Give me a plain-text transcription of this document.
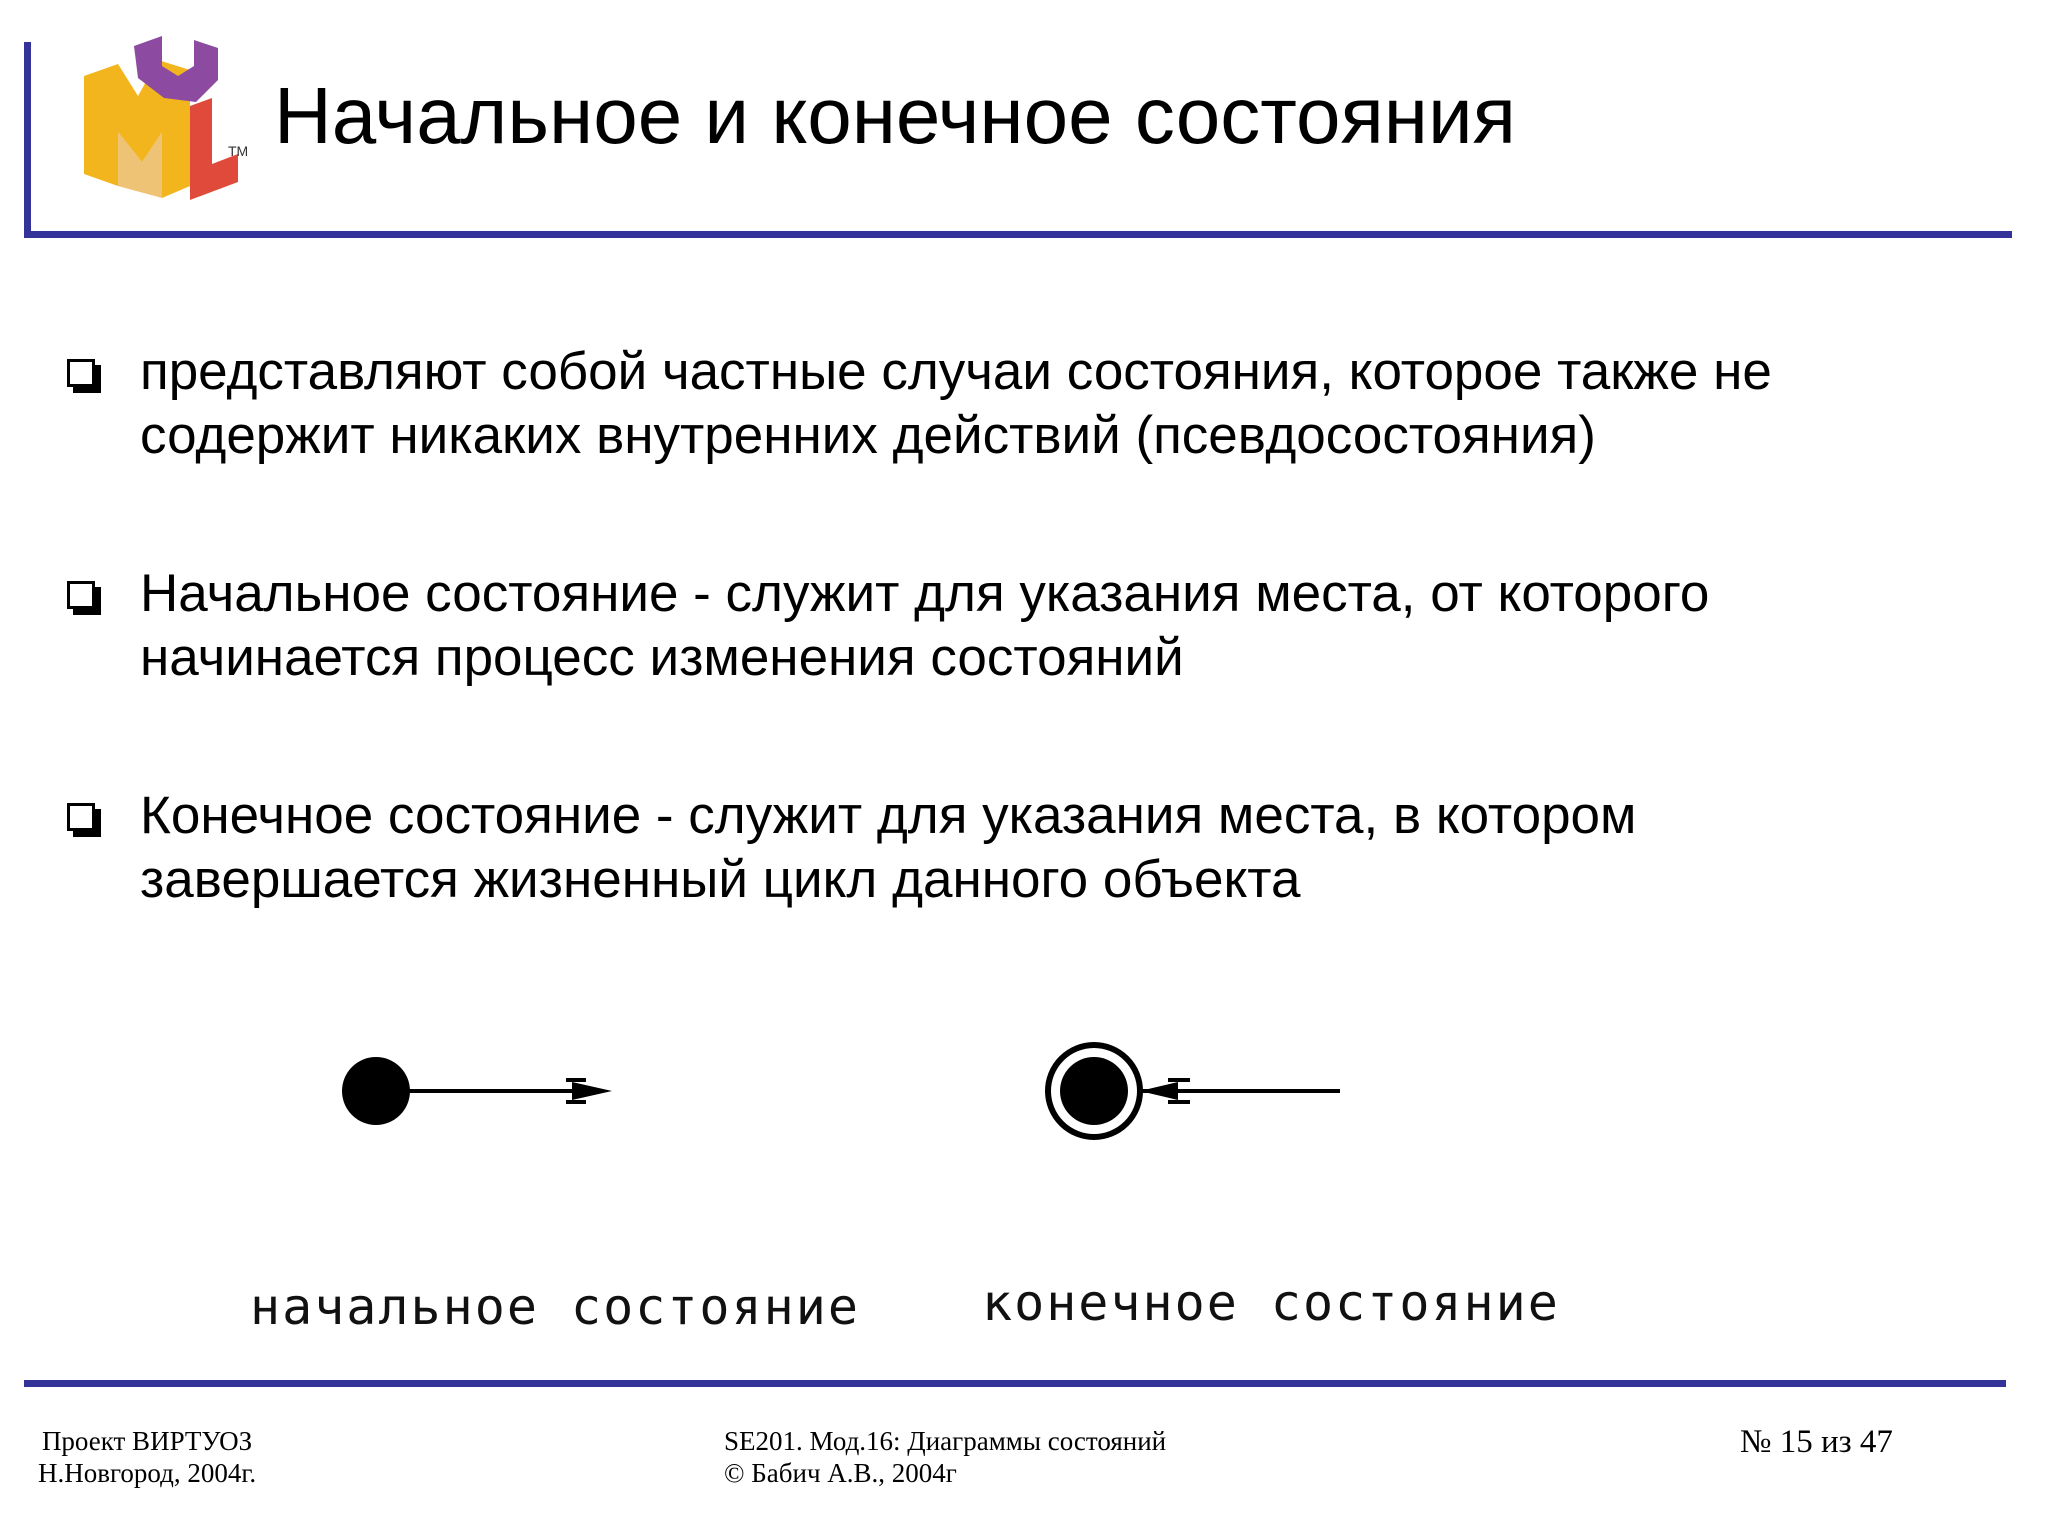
TM Начальное и конечное состояния
представляют собой частные случаи состояния, которое также не
содержит никаких внутренних действий (псевдосостояния)
Начальное состояние - служит для указания места, от которого
начинается процесс изменения состояний
Конечное состояние - служит для указания места, в котором
завершается жизненный цикл данного объекта
начальное состояние конечное состояние
Проект ВИРТУОЗ
Н.Новгород, 2004г.
SE201. Мод.16: Диаграммы состояний
© Бабич А.В., 2004г
№ 15 из 47
